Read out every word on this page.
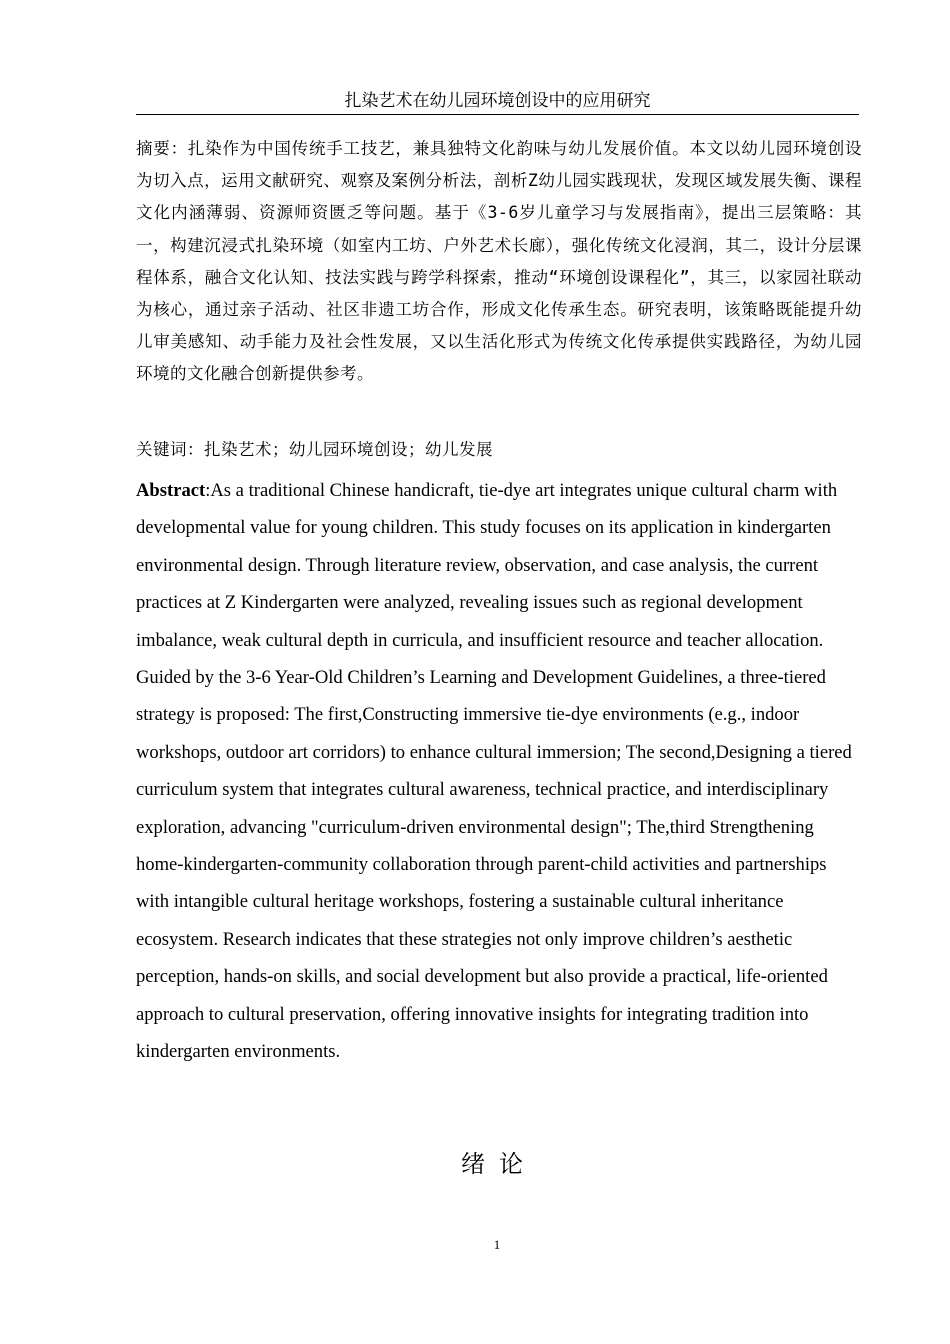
扎染艺术在幼儿园环境创设中的应用研究

摘要：扎染作为中国传统手工技艺，兼具独特文化韵味与幼儿发展价值。本文以幼儿园环境创设为切入点，运用文献研究、观察及案例分析法，剖析Z幼儿园实践现状，发现区域发展失衡、课程文化内涵薄弱、资源师资匮乏等问题。基于《3-6岁儿童学习与发展指南》，提出三层策略：其一，构建沉浸式扎染环境（如室内工坊、户外艺术长廊），强化传统文化浸润，其二，设计分层课程体系，融合文化认知、技法实践与跨学科探索，推动“环境创设课程化”，其三，以家园社联动为核心，通过亲子活动、社区非遗工坊合作，形成文化传承生态。研究表明，该策略既能提升幼儿审美感知、动手能力及社会性发展，又以生活化形式为传统文化传承提供实践路径，为幼儿园环境的文化融合创新提供参考。

关键词：扎染艺术；幼儿园环境创设；幼儿发展

Abstract:As a traditional Chinese handicraft, tie-dye art integrates unique cultural charm with developmental value for young children. This study focuses on its application in kindergarten environmental design. Through literature review, observation, and case analysis, the current practices at Z Kindergarten were analyzed, revealing issues such as regional development imbalance, weak cultural depth in curricula, and insufficient resource and teacher allocation. Guided by the 3-6 Year-Old Children’s Learning and Development Guidelines, a three-tiered strategy is proposed: The first,Constructing immersive tie-dye environments (e.g., indoor workshops, outdoor art corridors) to enhance cultural immersion; The second,Designing a tiered curriculum system that integrates cultural awareness, technical practice, and interdisciplinary exploration, advancing "curriculum-driven environmental design"; The,third Strengthening home-kindergarten-community collaboration through parent-child activities and partnerships with intangible cultural heritage workshops, fostering a sustainable cultural inheritance ecosystem. Research indicates that these strategies not only improve children’s aesthetic perception, hands-on skills, and social development but also provide a practical, life-oriented approach to cultural preservation, offering innovative insights for integrating tradition into kindergarten environments.

绪论
1
